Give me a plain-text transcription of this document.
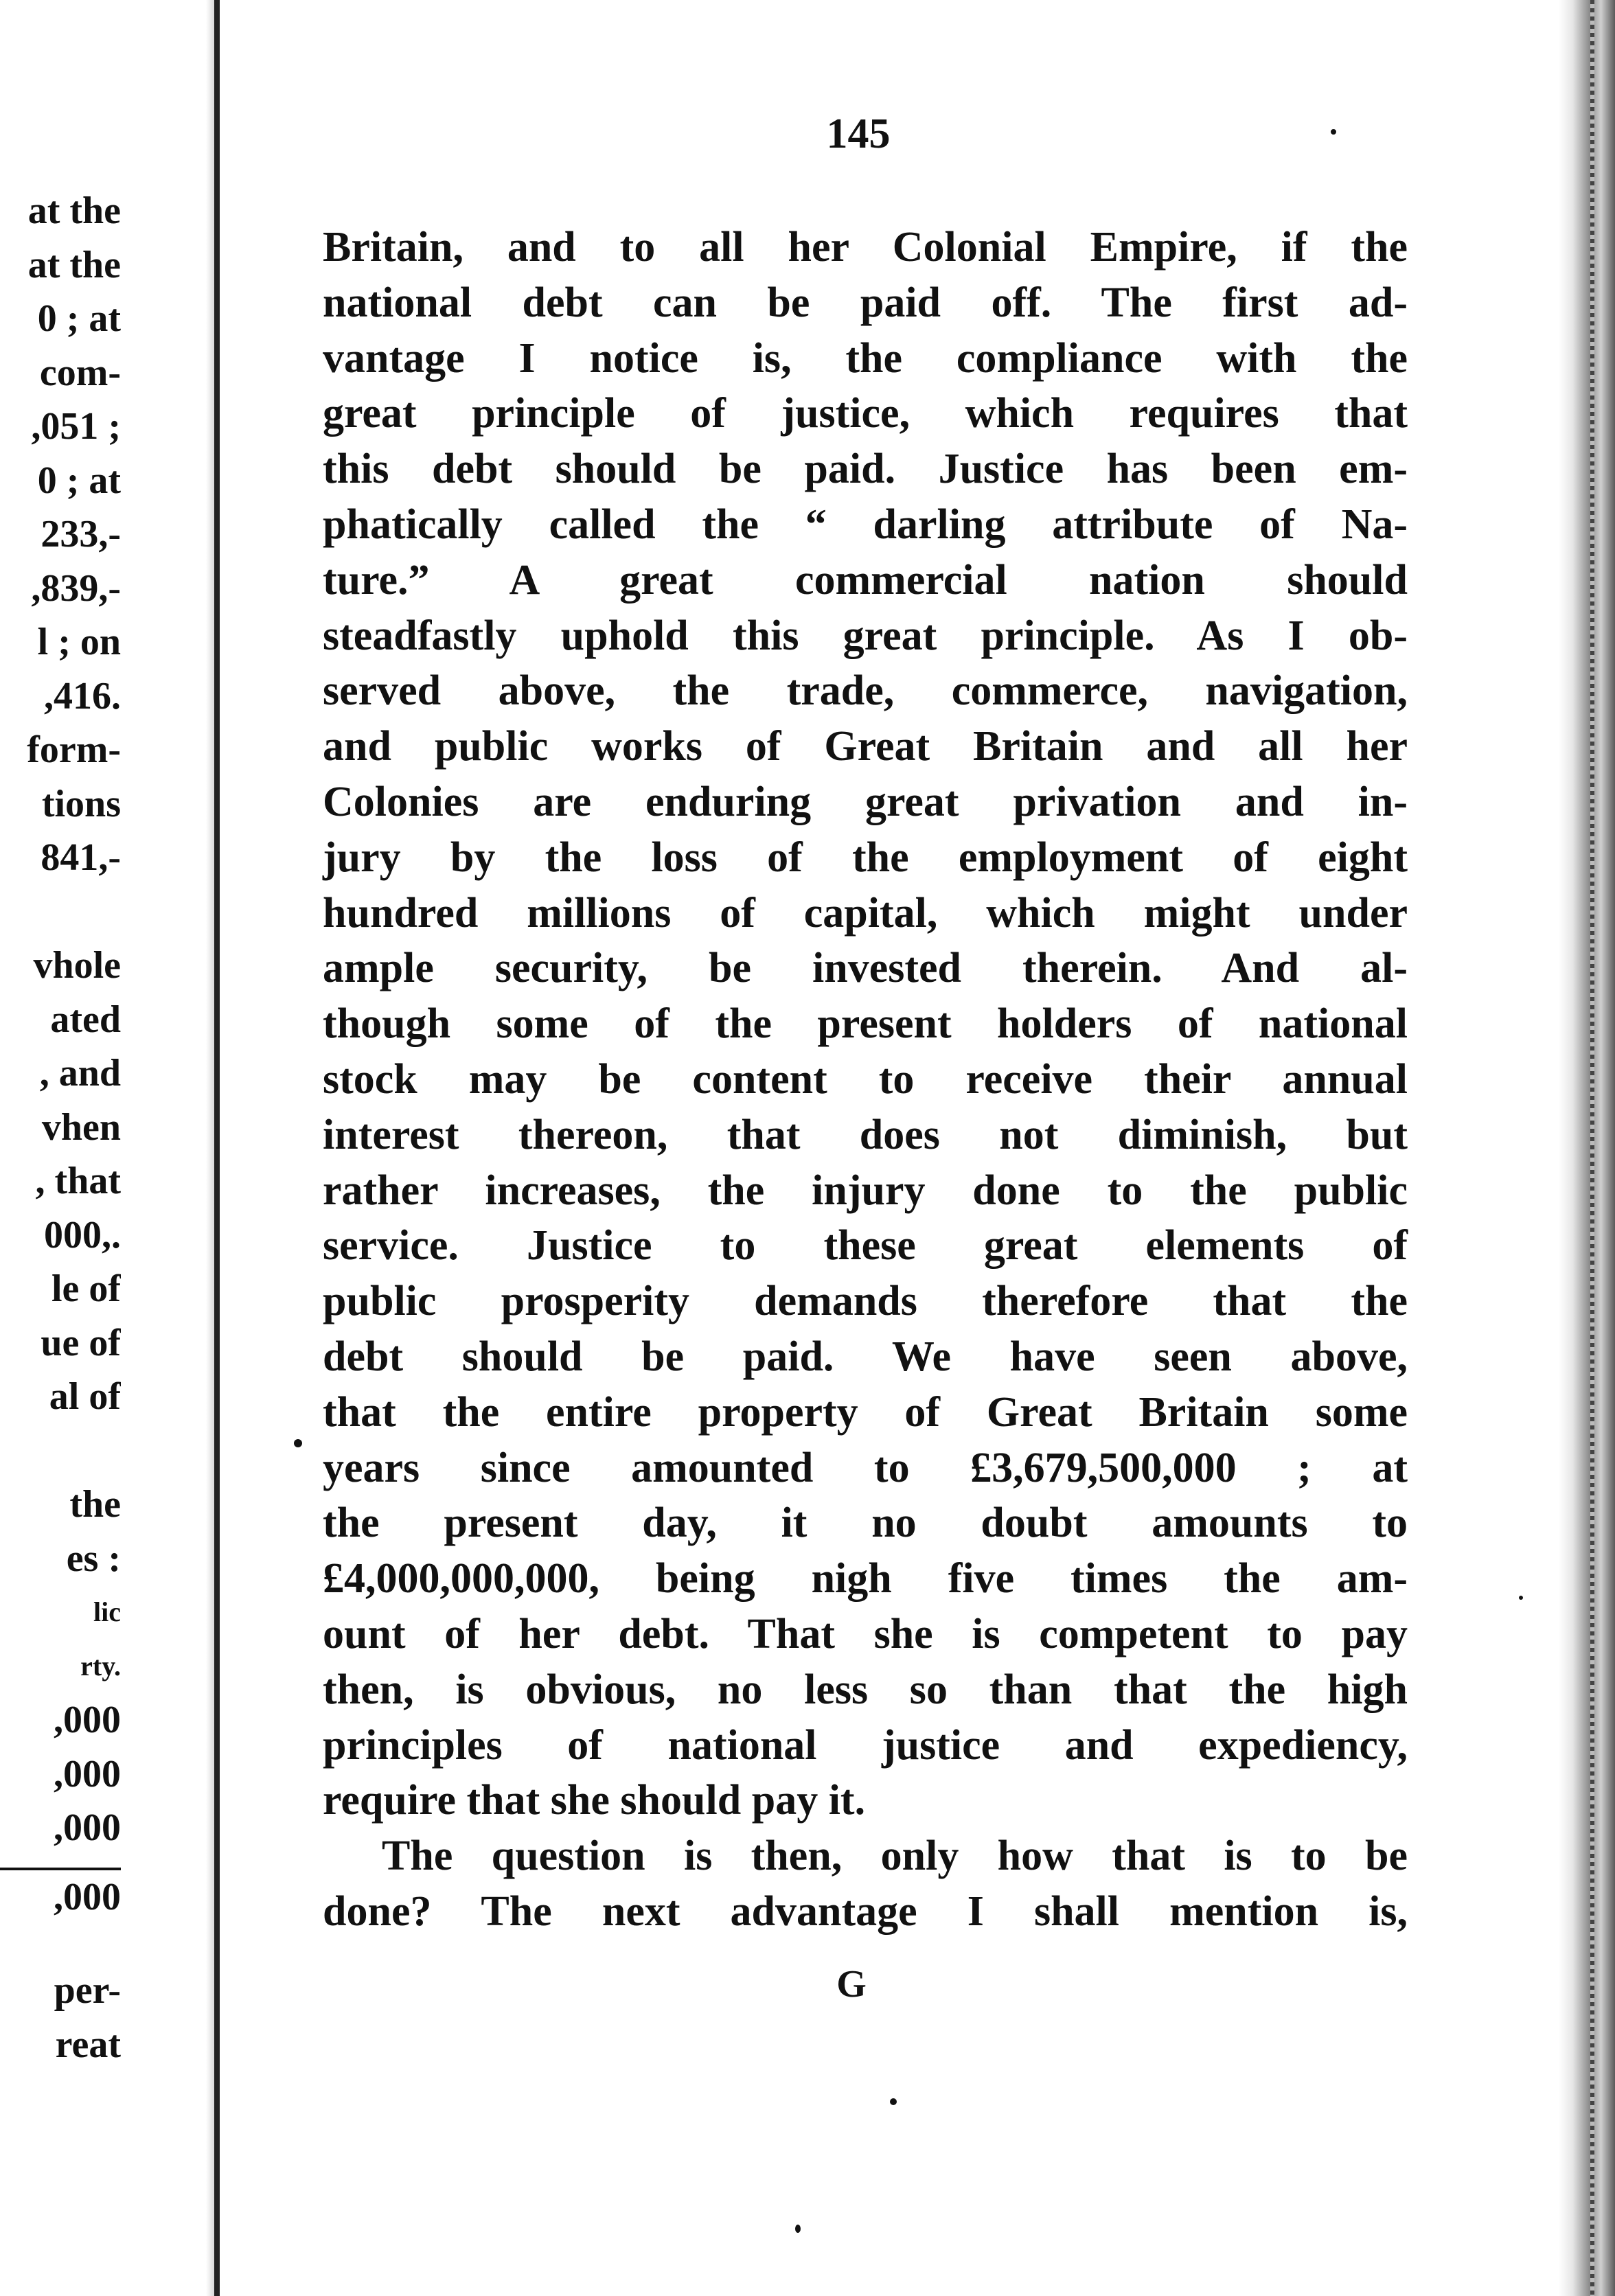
at the
at the
0 ; at
com-
,051 ;
0 ; at
233,-
,839,-
l ; on
,416.
form-
tions
841,-
vhole
ated
, and
vhen
, that
000,.
le of
ue of
al of
the
es :
lic
rty.
,000
,000
,000
,000
per-
reat
145
Britain, and to all her Colonial Empire, if the
national debt can be paid off. The first ad-
vantage I notice is, the compliance with the
great principle of justice, which requires that
this debt should be paid. Justice has been em-
phatically called the “ darling attribute of Na-
ture.” A great commercial nation should
steadfastly uphold this great principle. As I ob-
served above, the trade, commerce, navigation,
and public works of Great Britain and all her
Colonies are enduring great privation and in-
jury by the loss of the employment of eight
hundred millions of capital, which might under
ample security, be invested therein. And al-
though some of the present holders of national
stock may be content to receive their annual
interest thereon, that does not diminish, but
rather increases, the injury done to the public
service. Justice to these great elements of
public prosperity demands therefore that the
debt should be paid. We have seen above,
that the entire property of Great Britain some
years since amounted to £3,679,500,000 ; at
the present day, it no doubt amounts to
£4,000,000,000, being nigh five times the am-
ount of her debt. That she is competent to pay
then, is obvious, no less so than that the high
principles of national justice and expediency,
require that she should pay it.
The question is then, only how that is to be
done? The next advantage I shall mention is,
G
